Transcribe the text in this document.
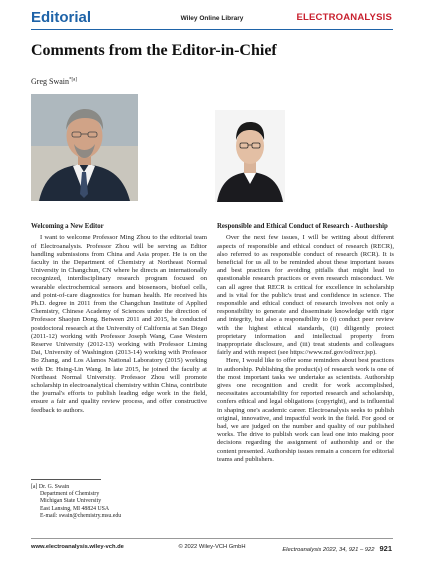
Editorial	Wiley Online Library	ELECTROANALYSIS
Comments from the Editor-in-Chief
Greg Swain$^{*[a]}$
Welcoming a New Editor

I want to welcome Professor Ming Zhou to the editorial team of Electroanalysis. Professor Zhou will be serving as Editor handling submissions from China and Asia proper. He is on the faculty in the Department of Chemistry at Northeast Normal University in Changchun, CN where he directs an internationally recognized, interdisciplinary research program focused on wearable electrochemical sensors and biosensors, biofuel cells, and point-of-care diagnostics for human health. He received his Ph.D. degree in 2011 from the Changchun Institute of Applied Chemistry, Chinese Academy of Sciences under the direction of Professor Shaojun Dong. Between 2011 and 2015, he conducted postdoctoral research at the University of California at San Diego (2011-12) working with Professor Joseph Wang, Case Western Reserve University (2012-13) working with Professor Liming Dai, University of Washington (2013-14) working with Professor Bo Zhang, and Los Alamos National Laboratory (2015) working with Dr. Hsing-Lin Wang. In late 2015, he joined the faculty at Northeast Normal University. Professor Zhou will promote scholarship in electroanalytical chemistry within China, contribute the journal's efforts to publish leading edge work in the field, ensure a fair and quality review process, and offer constructive feedback to authors.

Responsible and Ethical Conduct of Research - Authorship

Over the next few issues, I will be writing about different aspects of responsible and ethical conduct of research (RECR), also referred to as responsible conduct of research (RCR). It is beneficial for us all to be reminded about these important issues and best practices for avoiding pitfalls that might lead to questionable research practices or even research misconduct. We can all agree that RECR is critical for excellence in scholarship and is vital for the public's trust and confidence in science. The responsible and ethical conduct of research involves not only a responsibility to generate and disseminate knowledge with rigor and integrity, but also a responsibility to (i) conduct peer review with the highest ethical standards, (ii) diligently protect proprietary information and intellectual property from inappropriate disclosure, and (iii) treat students and colleagues fairly and with respect (see https://www.nsf.gov/od/recr.jsp).

Here, I would like to offer some reminders about best practices in authorship. Publishing the product(s) of research work is one of the most important tasks we undertake as scientists. Authorship gives one recognition and credit for work accomplished, necessitates accountability for reported research and scholarship, confers ethical and legal obligations (copyright), and is influential in shaping one's academic career. Electroanalysis seeks to publish original, innovative, and impactful work in the field. For good or bad, we are judged on the number and quality of our published works. The drive to publish work can lead one into making poor decisions regarding the assignment of authorship and or the content presented. Authorship issues remain a concern for editorial teams and publishers.

[a] Dr. G. Swain
Department of Chemistry
Michigan State University
East Lansing, MI 48824 USA
E-mail: swain@chemistry.msu.edu
www.electroanalysis.wiley-vch.de	© 2022 Wiley-VCH GmbH	Electroanalysis 2022, 34, 921 – 922 921
